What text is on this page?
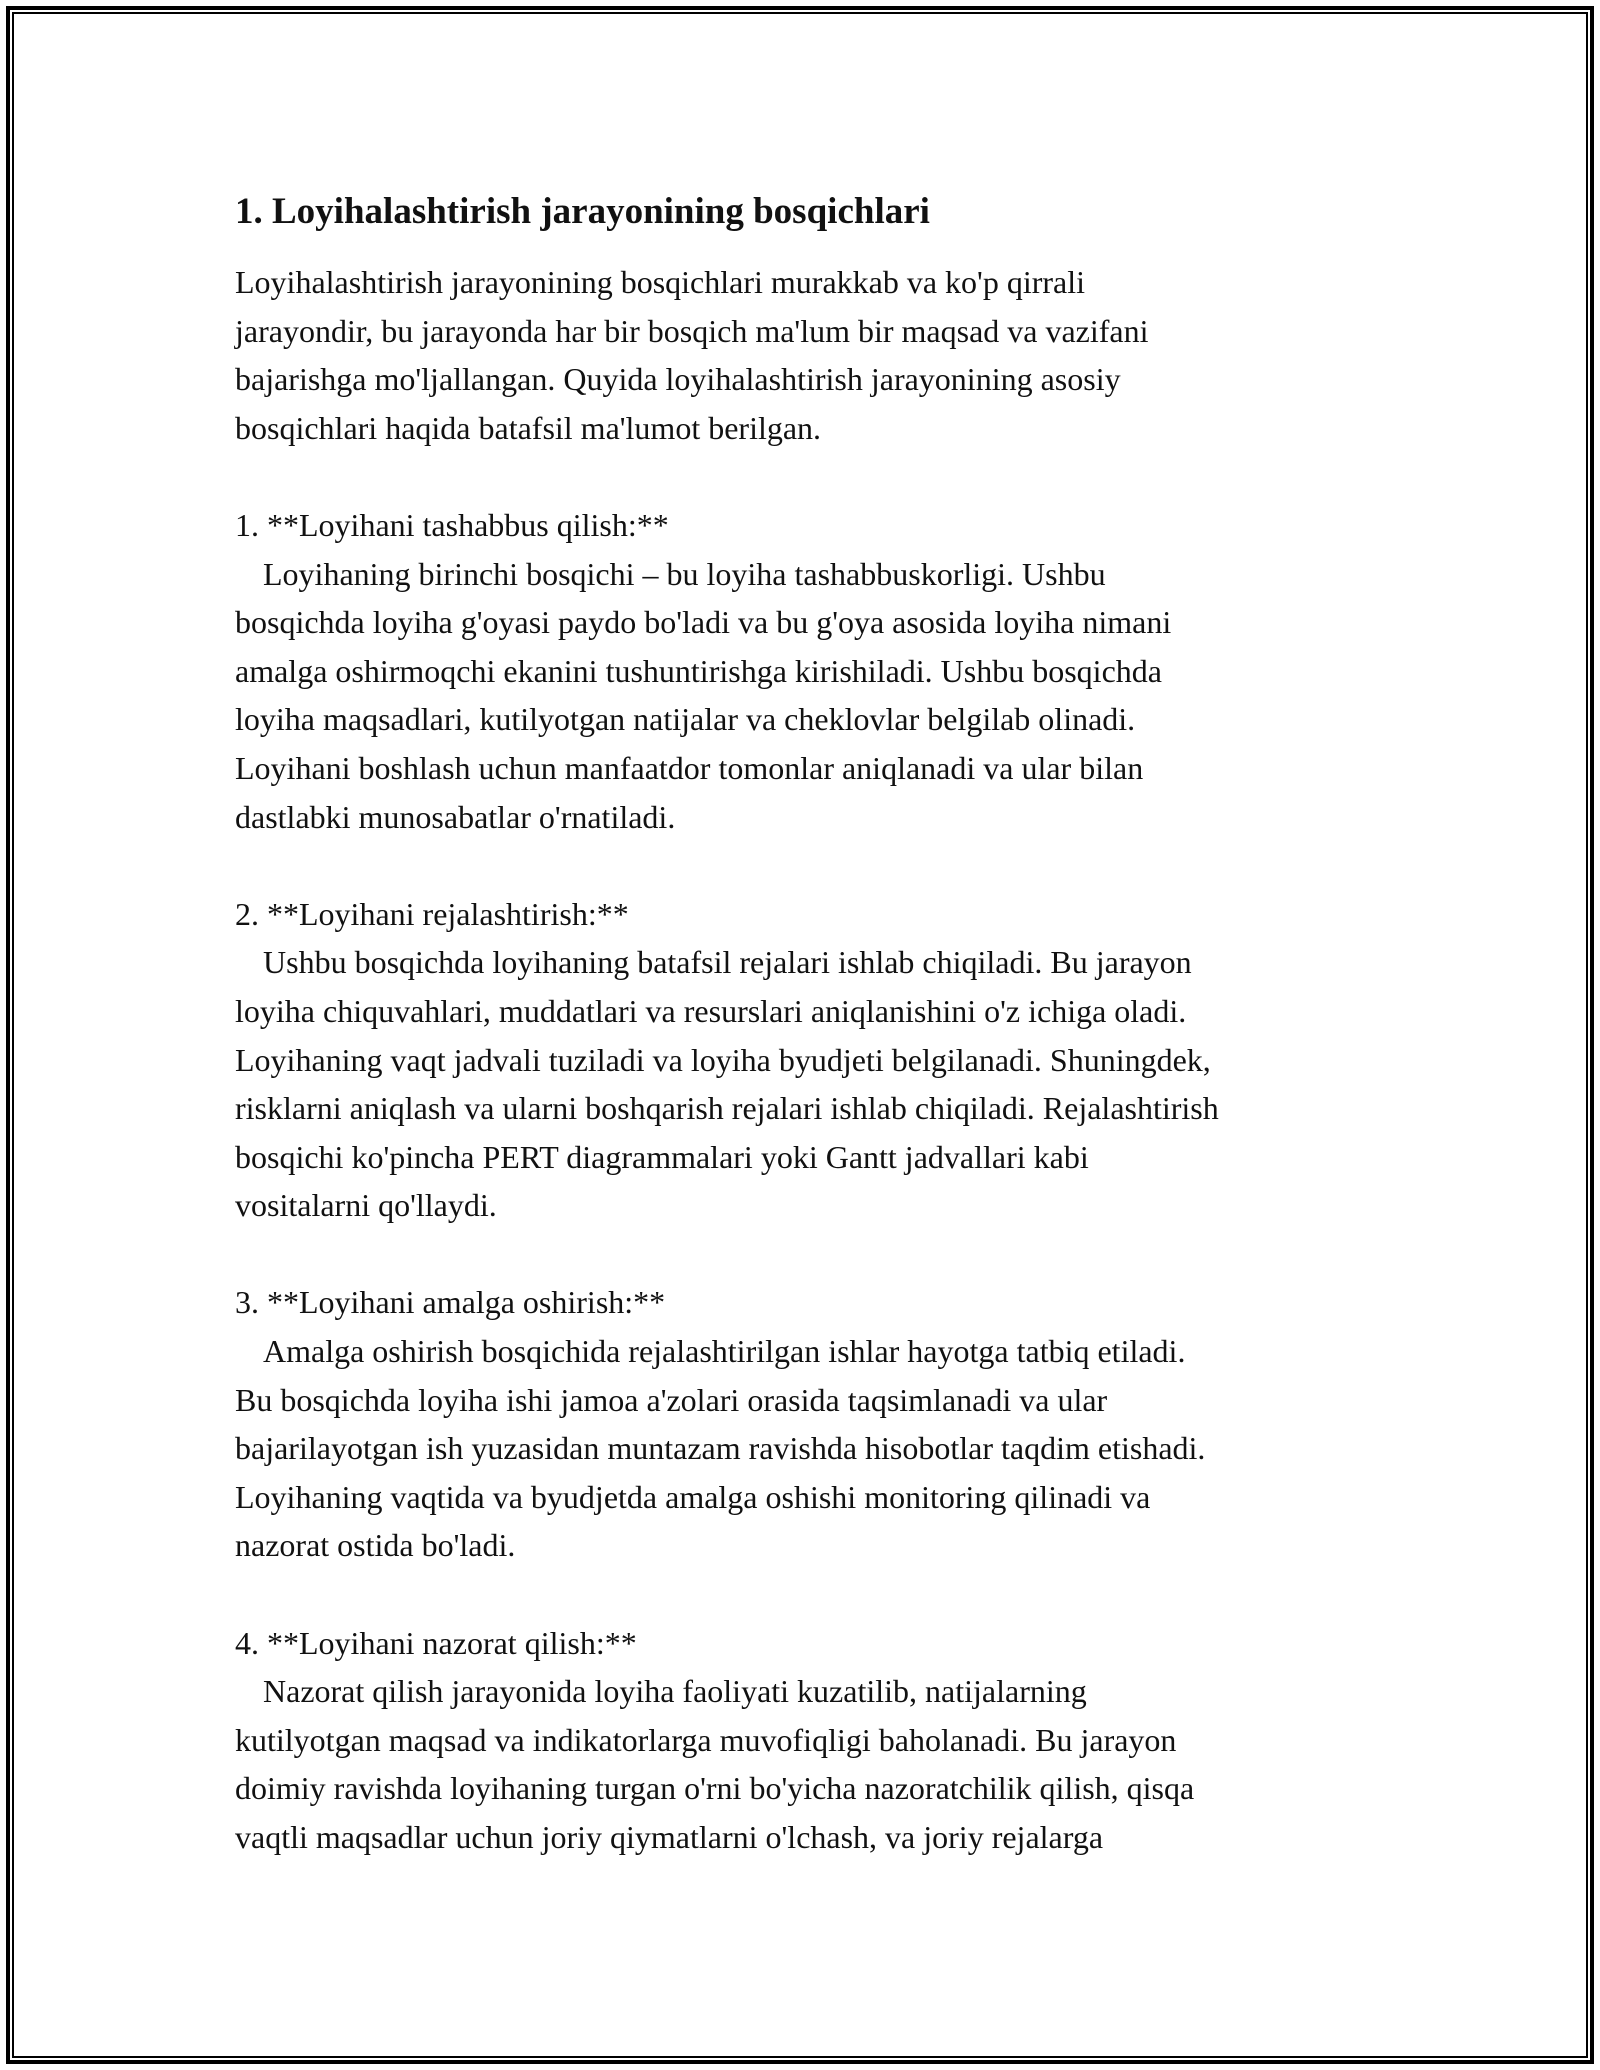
1. Loyihalashtirish jarayonining bosqichlari

Loyihalashtirish jarayonining bosqichlari murakkab va ko'p qirrali
jarayondir, bu jarayonda har bir bosqich ma'lum bir maqsad va vazifani
bajarishga mo'ljallangan. Quyida loyihalashtirish jarayonining asosiy
bosqichlari haqida batafsil ma'lumot berilgan.

1. **Loyihani tashabbus qilish:**

Loyihaning birinchi bosqichi – bu loyiha tashabbuskorligi. Ushbu
bosqichda loyiha g'oyasi paydo bo'ladi va bu g'oya asosida loyiha nimani
amalga oshirmoqchi ekanini tushuntirishga kirishiladi. Ushbu bosqichda
loyiha maqsadlari, kutilyotgan natijalar va cheklovlar belgilab olinadi.
Loyihani boshlash uchun manfaatdor tomonlar aniqlanadi va ular bilan
dastlabki munosabatlar o'rnatiladi.

2. **Loyihani rejalashtirish:**

Ushbu bosqichda loyihaning batafsil rejalari ishlab chiqiladi. Bu jarayon
loyiha chiquvahlari, muddatlari va resurslari aniqlanishini o'z ichiga oladi.
Loyihaning vaqt jadvali tuziladi va loyiha byudjeti belgilanadi. Shuningdek,
risklarni aniqlash va ularni boshqarish rejalari ishlab chiqiladi. Rejalashtirish
bosqichi ko'pincha PERT diagrammalari yoki Gantt jadvallari kabi
vositalarni qo'llaydi.

3. **Loyihani amalga oshirish:**

Amalga oshirish bosqichida rejalashtirilgan ishlar hayotga tatbiq etiladi.
Bu bosqichda loyiha ishi jamoa a'zolari orasida taqsimlanadi va ular
bajarilayotgan ish yuzasidan muntazam ravishda hisobotlar taqdim etishadi.
Loyihaning vaqtida va byudjetda amalga oshishi monitoring qilinadi va
nazorat ostida bo'ladi.

4. **Loyihani nazorat qilish:**

Nazorat qilish jarayonida loyiha faoliyati kuzatilib, natijalarning
kutilyotgan maqsad va indikatorlarga muvofiqligi baholanadi. Bu jarayon
doimiy ravishda loyihaning turgan o'rni bo'yicha nazoratchilik qilish, qisqa
vaqtli maqsadlar uchun joriy qiymatlarni o'lchash, va joriy rejalarga
